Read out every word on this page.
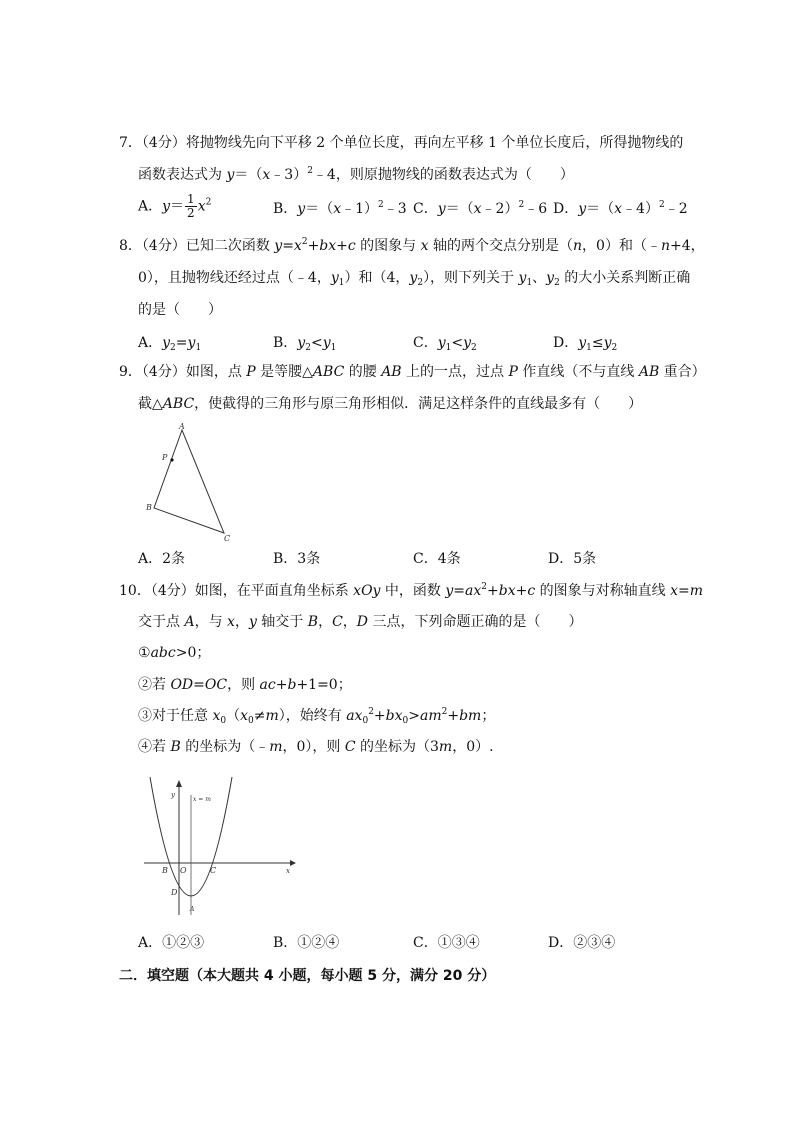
7．（4分）将抛物线先向下平移 2 个单位长度，再向左平移 1 个单位长度后，所得抛物线的
函数表达式为 y＝（x﹣3）$^2$﹣4，则原抛物线的函数表达式为（　　）
A．$y= \frac{1}{2} x^2$	B．y＝（x﹣1）$^2$﹣3 C．y＝（x﹣2）$^2$﹣6 D．y＝（x﹣4）$^2$﹣2
8．（4分）已知二次函数 $y=x^2+bx+c$ 的图象与 x 轴的两个交点分别是（n，0）和（﹣n+4，
0），且抛物线还经过点（﹣4，$y_1$）和（4，$y_2$），则下列关于 $y_1$、$y_2$ 的大小关系判断正确
的是（　　）
A．$y_2=y_1$	B．$y_2<y_1$	C．$y_1<y_2$	D．$y_1\le y_2$
9．（4分）如图，点 P 是等腰△ABC 的腰 AB 上的一点，过点 P 作直线（不与直线 AB 重合）
截△ABC，使截得的三角形与原三角形相似．满足这样条件的直线最多有（　　）
A
P
B
C
A．2条	B．3条	C．4条	D．5条
10．（4分）如图，在平面直角坐标系 xOy 中，函数 $y=ax^2+bx+c$ 的图象与对称轴直线 x=m
交于点 A，与 x，y 轴交于 B，C，D 三点，下列命题正确的是（　　）
①abc>0；
②若 OD=OC，则 ac+b+1=0；
③对于任意 $x_0(x_0\ne m)$，始终有 $ax_0^2+bx_0>am^2+bm$；
④若 B 的坐标为（﹣m，0），则 C 的坐标为（3m，0）.
y
x = m
O
B	C
D
A
x
A．①②③	B．①②④	C．①③④	D．②③④
二．填空题（本大题共 4 小题，每小题 5 分，满分 20 分）
